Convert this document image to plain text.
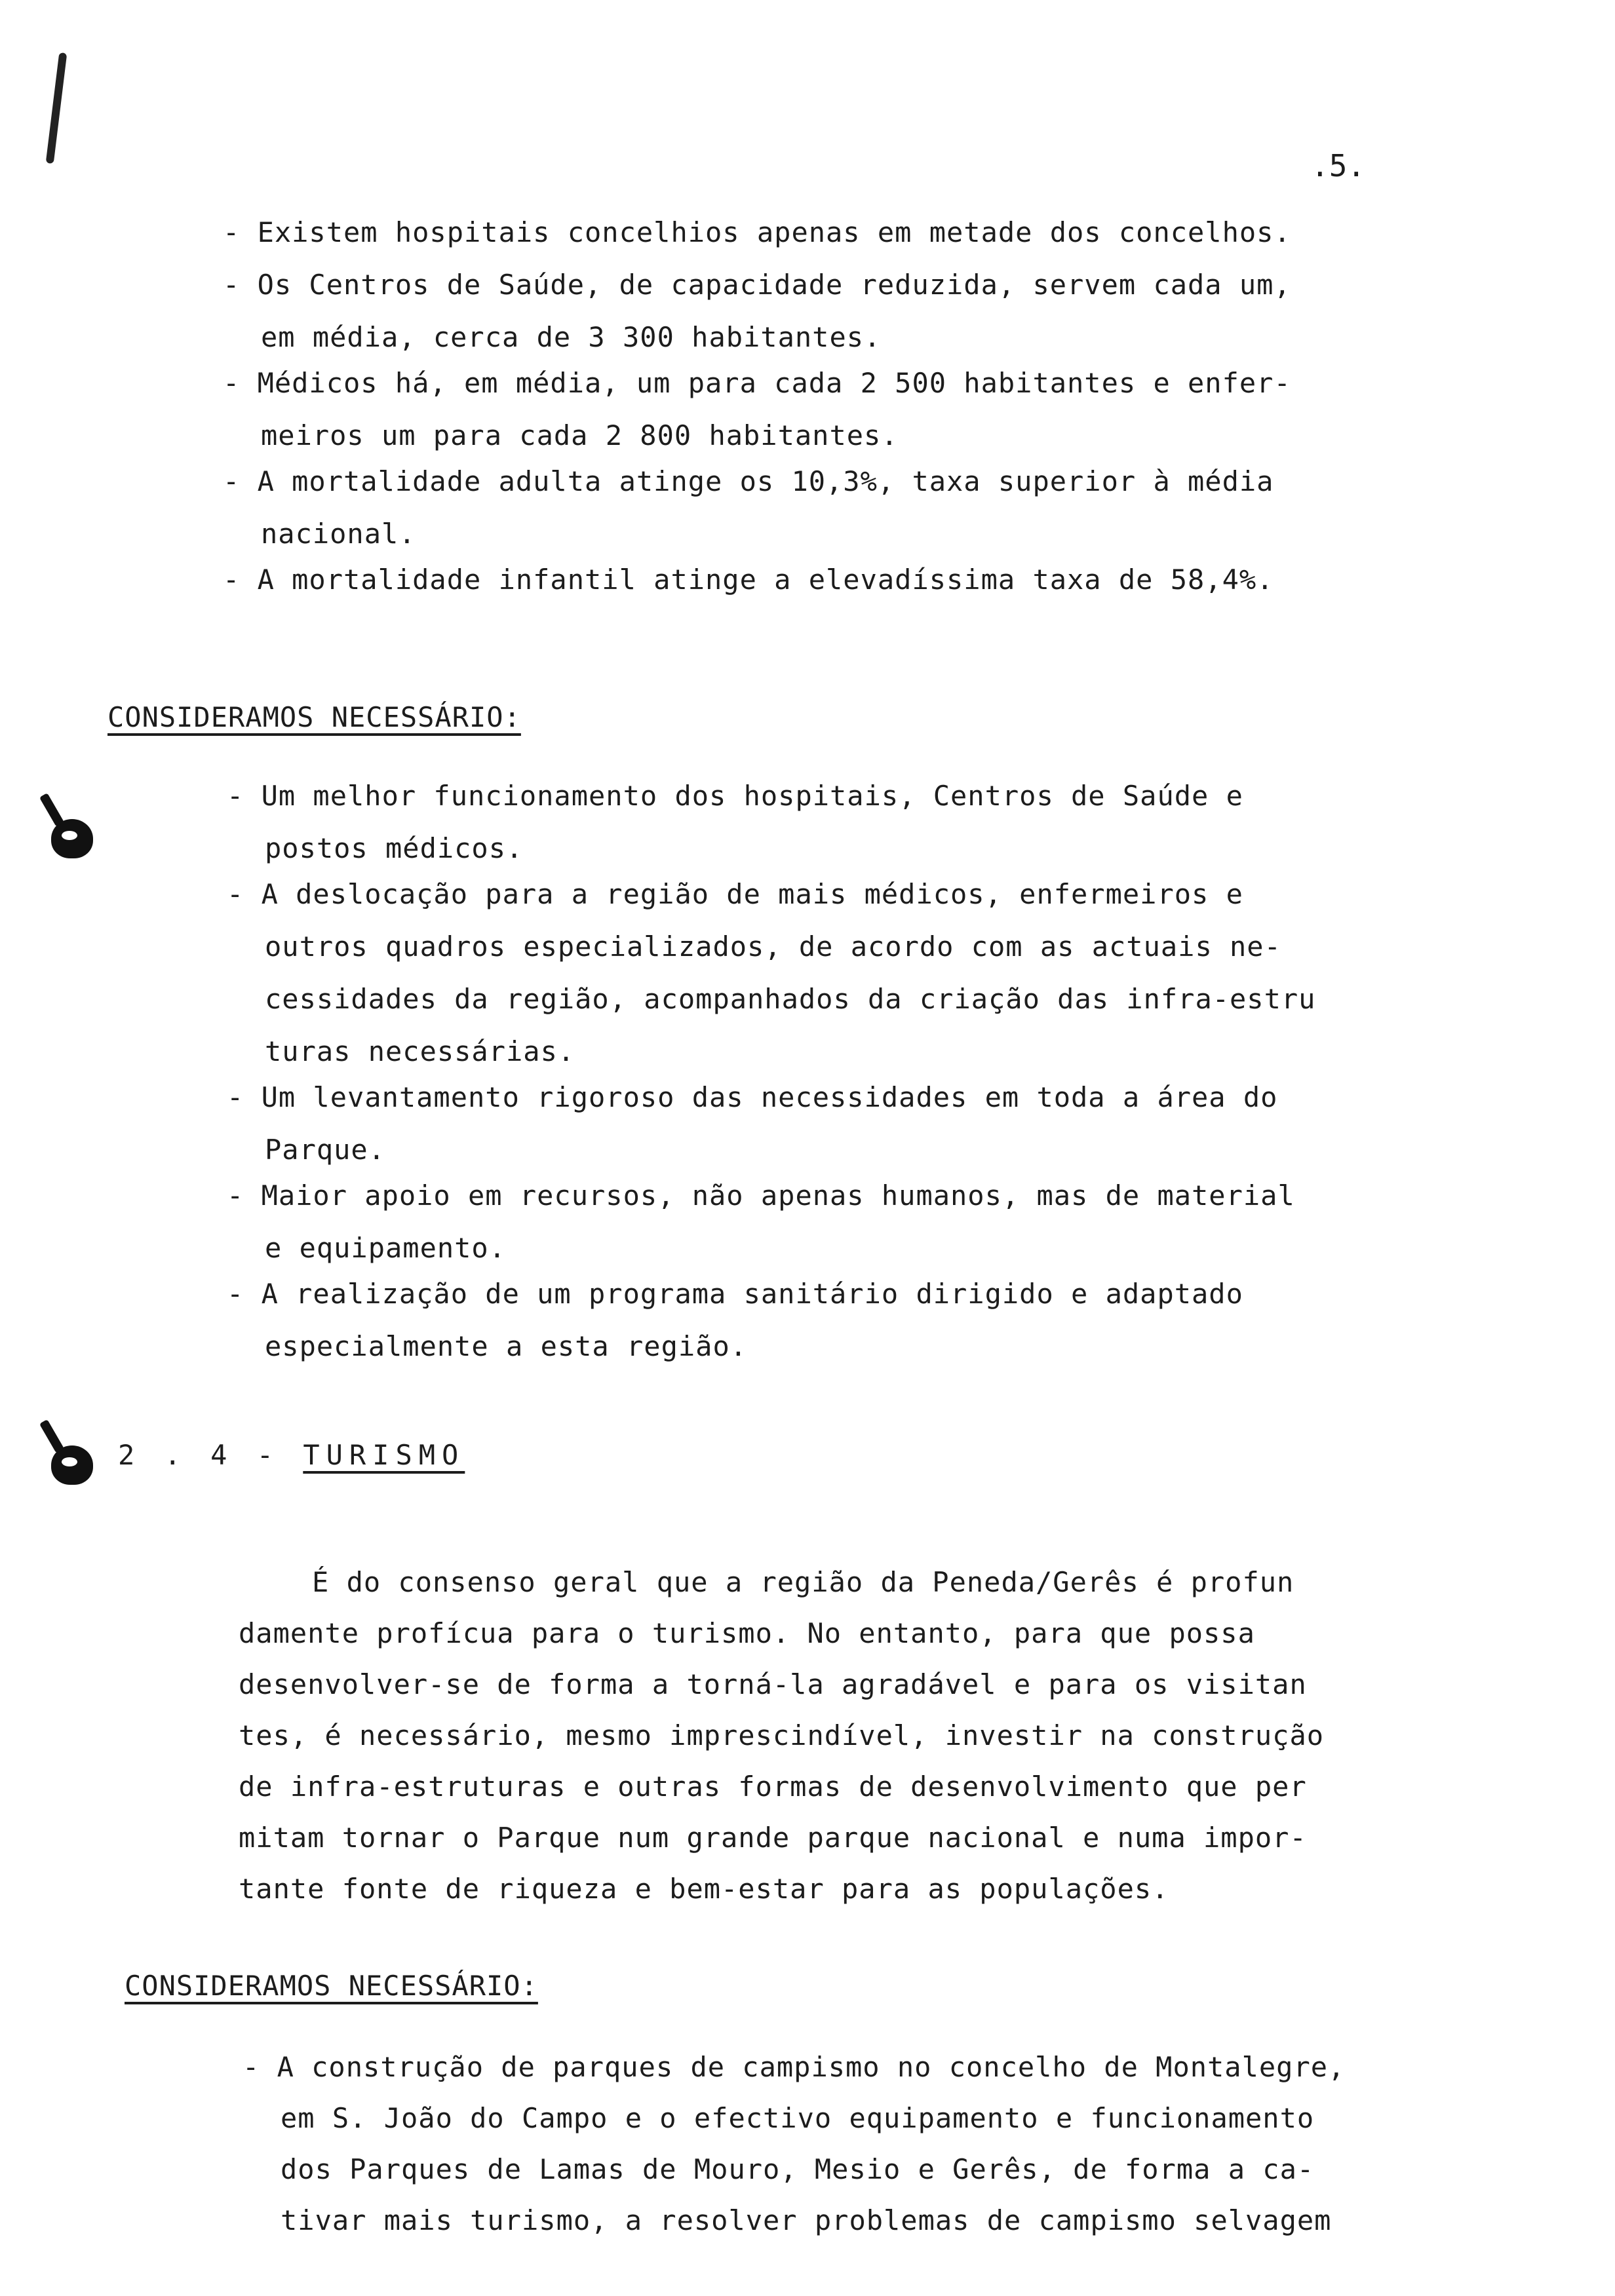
.5.
- Existem hospitais concelhios apenas em metade dos concelhos.
- Os Centros de Saúde, de capacidade reduzida, servem cada um,
em média, cerca de 3 300 habitantes.
- Médicos há, em média, um para cada 2 500 habitantes e enfer-
meiros um para cada 2 800 habitantes.
- A mortalidade adulta atinge os 10,3%, taxa superior à média
nacional.
- A mortalidade infantil atinge a elevadíssima taxa de 58,4%.
CONSIDERAMOS NECESSÁRIO:
- Um melhor funcionamento dos hospitais, Centros de Saúde e
postos médicos.
- A deslocação para a região de mais médicos, enfermeiros e
outros quadros especializados, de acordo com as actuais ne-
cessidades da região, acompanhados da criação das infra-estru
turas necessárias.
- Um levantamento rigoroso das necessidades em toda a área do
Parque.
- Maior apoio em recursos, não apenas humanos, mas de material
e equipamento.
- A realização de um programa sanitário dirigido e adaptado
especialmente a esta região.
2 . 4 - TURISMO
É do consenso geral que a região da Peneda/Gerês é profun
damente profícua para o turismo. No entanto, para que possa
desenvolver-se de forma a torná-la agradável e para os visitan
tes, é necessário, mesmo imprescindível, investir na construção
de infra-estruturas e outras formas de desenvolvimento que per
mitam tornar o Parque num grande parque nacional e numa impor-
tante fonte de riqueza e bem-estar para as populações.
CONSIDERAMOS NECESSÁRIO:
- A construção de parques de campismo no concelho de Montalegre,
em S. João do Campo e o efectivo equipamento e funcionamento
dos Parques de Lamas de Mouro, Mesio e Gerês, de forma a ca-
tivar mais turismo, a resolver problemas de campismo selvagem
